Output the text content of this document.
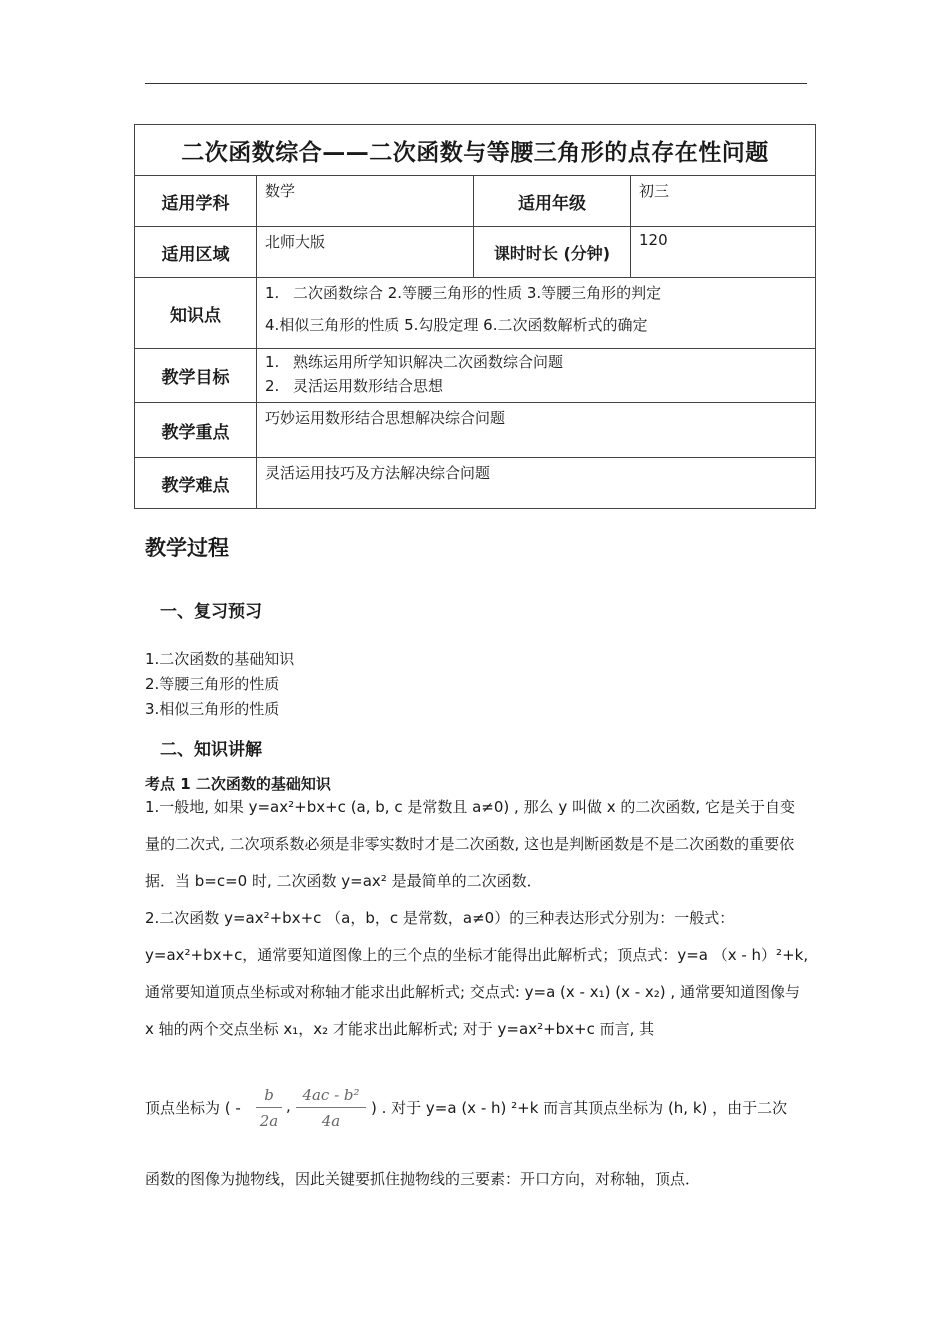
二次函数综合——二次函数与等腰三角形的点存在性问题			
适用学科	数学	适用年级	初三
适用区域	北师大版	课时时长 (分钟)	120
知识点	1. 二次函数综合 2.等腰三角形的性质 3.等腰三角形的判定
4.相似三角形的性质 5.勾股定理 6.二次函数解析式的确定		

教学目标	1. 熟练运用所学知识解决二次函数综合问题
2. 灵活运用数形结合思想		

教学重点	巧妙运用数形结合思想解决综合问题		
教学难点	灵活运用技巧及方法解决综合问题		
教学过程
一、复习预习
1.二次函数的基础知识
2.等腰三角形的性质
3.相似三角形的性质
二、知识讲解
考点 1 二次函数的基础知识
1.一般地, 如果 y=ax²+bx+c (a, b, c 是常数且 a≠0) , 那么 y 叫做 x 的二次函数, 它是关于自变量的二次式, 二次项系数必须是非零实数时才是二次函数, 这也是判断函数是不是二次函数的重要依据．当 b=c=0 时, 二次函数 y=ax² 是最简单的二次函数．
2.二次函数 y=ax²+bx+c （a，b，c 是常数，a≠0）的三种表达形式分别为：一般式：y=ax²+bx+c，通常要知道图像上的三个点的坐标才能得出此解析式；顶点式：y=a （x - h）²+k, 通常要知道顶点坐标或对称轴才能求出此解析式; 交点式: y=a (x - x₁) (x - x₂) , 通常要知道图像与 x 轴的两个交点坐标 x₁，x₂ 才能求出此解析式; 对于 y=ax²+bx+c 而言, 其
顶点坐标为 ( - $\frac{b}{2a}$ , $\frac{\text{4ac - b²}}{4a}$ ) . 对于 y=a (x - h) ²+k 而言其顶点坐标为 (h, k) ，由于二次
函数的图像为抛物线，因此关键要抓住抛物线的三要素：开口方向，对称轴，顶点．
